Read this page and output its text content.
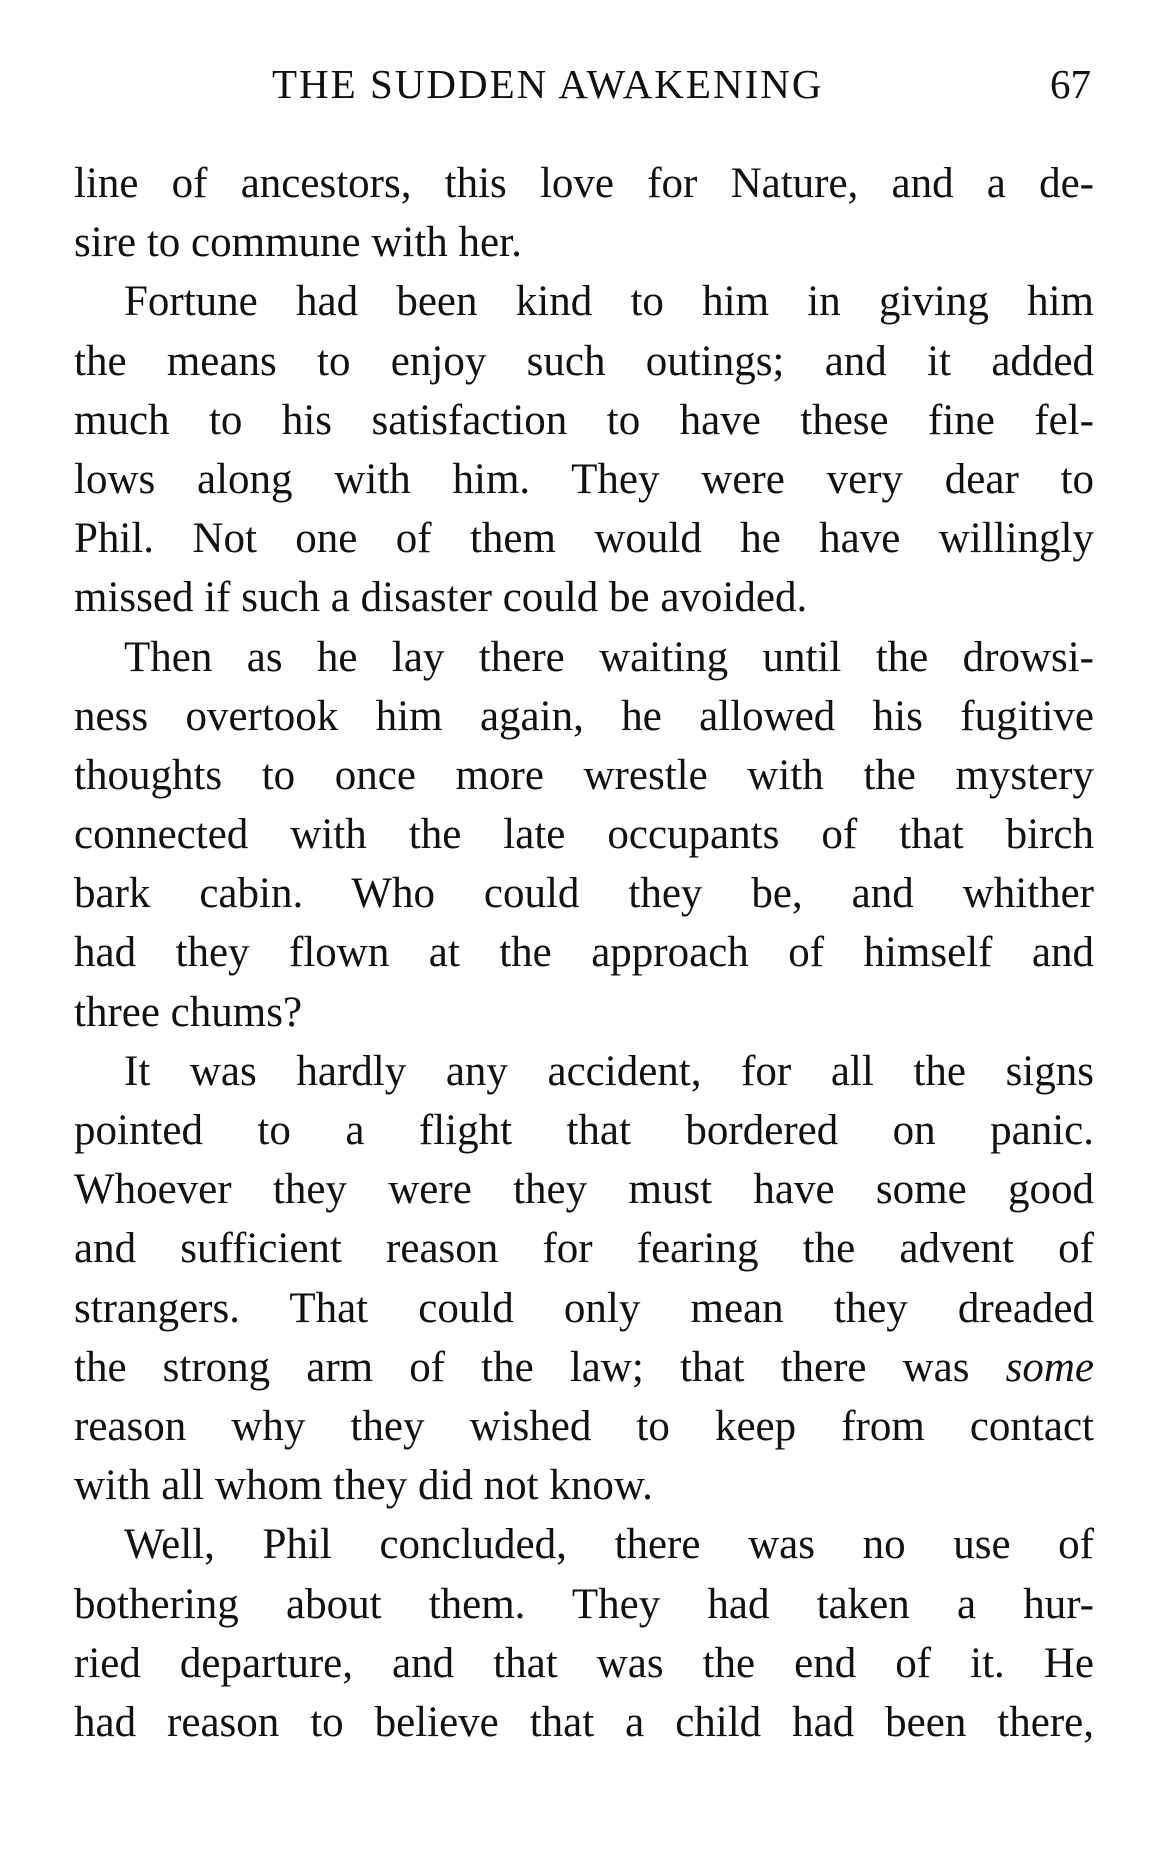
THE SUDDEN AWAKENING	67
line of ancestors, this love for Nature, and a de-
sire to commune with her.
Fortune had been kind to him in giving him
the means to enjoy such outings; and it added
much to his satisfaction to have these fine fel-
lows along with him. They were very dear to
Phil. Not one of them would he have willingly
missed if such a disaster could be avoided.
Then as he lay there waiting until the drowsi-
ness overtook him again, he allowed his fugitive
thoughts to once more wrestle with the mystery
connected with the late occupants of that birch
bark cabin. Who could they be, and whither
had they flown at the approach of himself and
three chums?
It was hardly any accident, for all the signs
pointed to a flight that bordered on panic.
Whoever they were they must have some good
and sufficient reason for fearing the advent of
strangers. That could only mean they dreaded
the strong arm of the law; that there was some
reason why they wished to keep from contact
with all whom they did not know.
Well, Phil concluded, there was no use of
bothering about them. They had taken a hur-
ried departure, and that was the end of it. He
had reason to believe that a child had been there,
